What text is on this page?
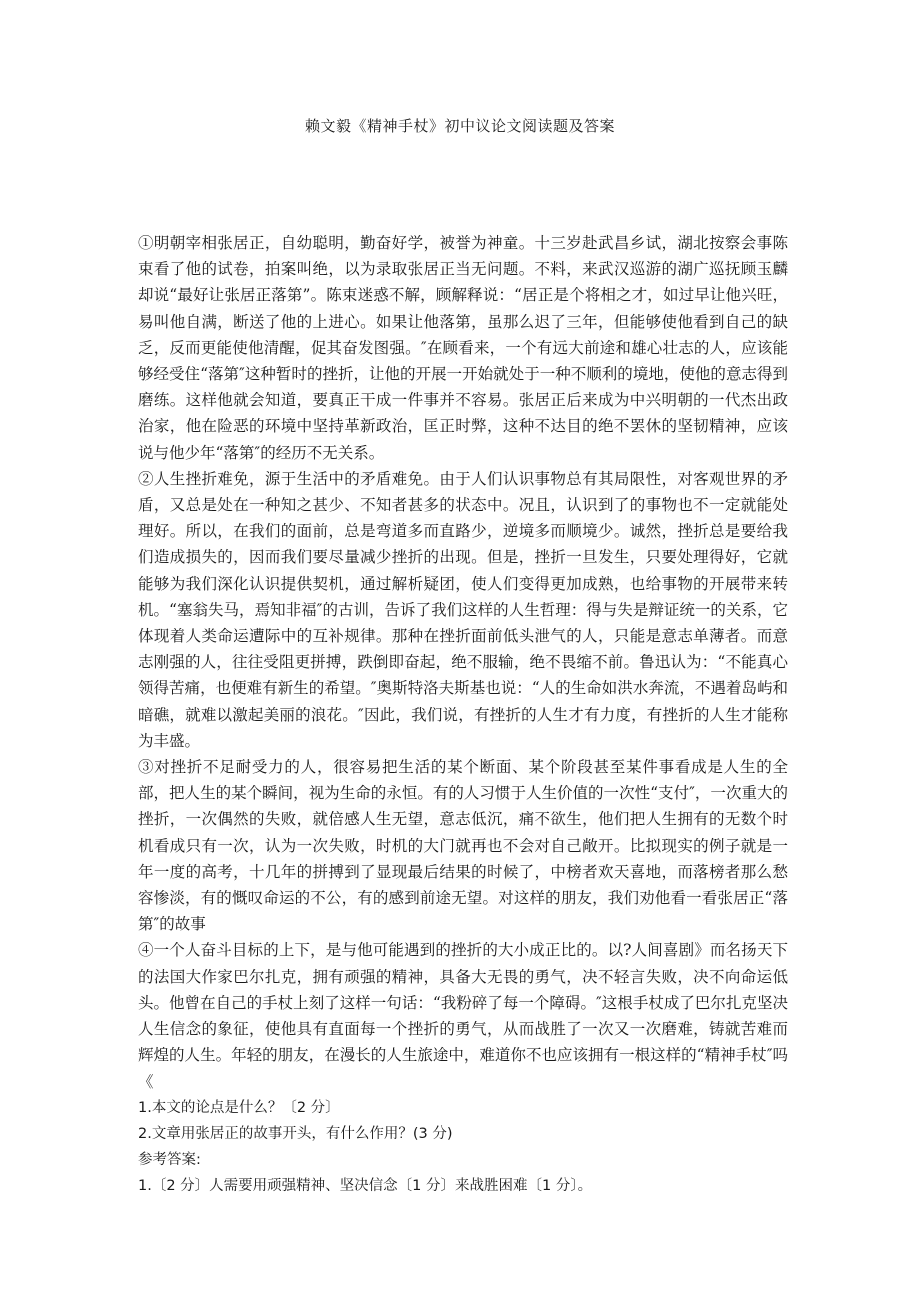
赖文毅《精神手杖》初中议论文阅读题及答案

①明朝宰相张居正，自幼聪明，勤奋好学，被誉为神童。十三岁赴武昌乡试，湖北按察会事陈束看了他的试卷，拍案叫绝，以为录取张居正当无问题。不料，来武汉巡游的湖广巡抚顾玉麟却说“最好让张居正落第”。陈束迷惑不解，顾解释说：“居正是个将相之才，如过早让他兴旺，易叫他自满，断送了他的上进心。如果让他落第，虽那么迟了三年，但能够使他看到自己的缺乏，反而更能使他清醒，促其奋发图强。″在顾看来，一个有远大前途和雄心壮志的人，应该能够经受住“落第″这种暂时的挫折，让他的开展一开始就处于一种不顺利的境地，使他的意志得到磨练。这样他就会知道，要真正干成一件事并不容易。张居正后来成为中兴明朝的一代杰出政治家，他在险恶的环境中坚持革新政治，匡正时弊，这种不达目的绝不罢休的坚韧精神，应该说与他少年“落第″的经历不无关系。

②人生挫折难免，源于生活中的矛盾难免。由于人们认识事物总有其局限性，对客观世界的矛盾，又总是处在一种知之甚少、不知者甚多的状态中。况且，认识到了的事物也不一定就能处理好。所以，在我们的面前，总是弯道多而直路少，逆境多而顺境少。诚然，挫折总是要给我们造成损失的，因而我们要尽量减少挫折的出现。但是，挫折一旦发生，只要处理得好，它就能够为我们深化认识提供契机，通过解析疑团，使人们变得更加成熟，也给事物的开展带来转机。“塞翁失马，焉知非福″的古训，告诉了我们这样的人生哲理：得与失是辩证统一的关系，它体现着人类命运遭际中的互补规律。那种在挫折面前低头泄气的人，只能是意志单薄者。而意志刚强的人，往往受阻更拼搏，跌倒即奋起，绝不服输，绝不畏缩不前。鲁迅认为：“不能真心领得苦痛，也便难有新生的希望。″奥斯特洛夫斯基也说：“人的生命如洪水奔流，不遇着岛屿和暗礁，就难以激起美丽的浪花。″因此，我们说，有挫折的人生才有力度，有挫折的人生才能称为丰盛。

③对挫折不足耐受力的人，很容易把生活的某个断面、某个阶段甚至某件事看成是人生的全部，把人生的某个瞬间，视为生命的永恒。有的人习惯于人生价值的一次性“支付″，一次重大的挫折，一次偶然的失败，就倍感人生无望，意志低沉，痛不欲生，他们把人生拥有的无数个时机看成只有一次，认为一次失败，时机的大门就再也不会对自己敞开。比拟现实的例子就是一年一度的高考，十几年的拼搏到了显现最后结果的时候了，中榜者欢天喜地，而落榜者那么愁容惨淡，有的慨叹命运的不公，有的感到前途无望。对这样的朋友，我们劝他看一看张居正“落第″的故事

④一个人奋斗目标的上下，是与他可能遇到的挫折的大小成正比的。以?人间喜剧》而名扬天下的法国大作家巴尔扎克，拥有顽强的精神，具备大无畏的勇气，决不轻言失败，决不向命运低头。他曾在自己的手杖上刻了这样一句话：“我粉碎了每一个障碍。″这根手杖成了巴尔扎克坚决人生信念的象征，使他具有直面每一个挫折的勇气，从而战胜了一次又一次磨难，铸就苦难而辉煌的人生。年轻的朋友，在漫长的人生旅途中，难道你不也应该拥有一根这样的“精神手杖″吗《

1.本文的论点是什么？〔2 分〕

2.文章用张居正的故事开头，有什么作用？(3 分)

参考答案:

1.〔2 分〕人需要用顽强精神、坚决信念〔1 分〕来战胜困难〔1 分〕。
